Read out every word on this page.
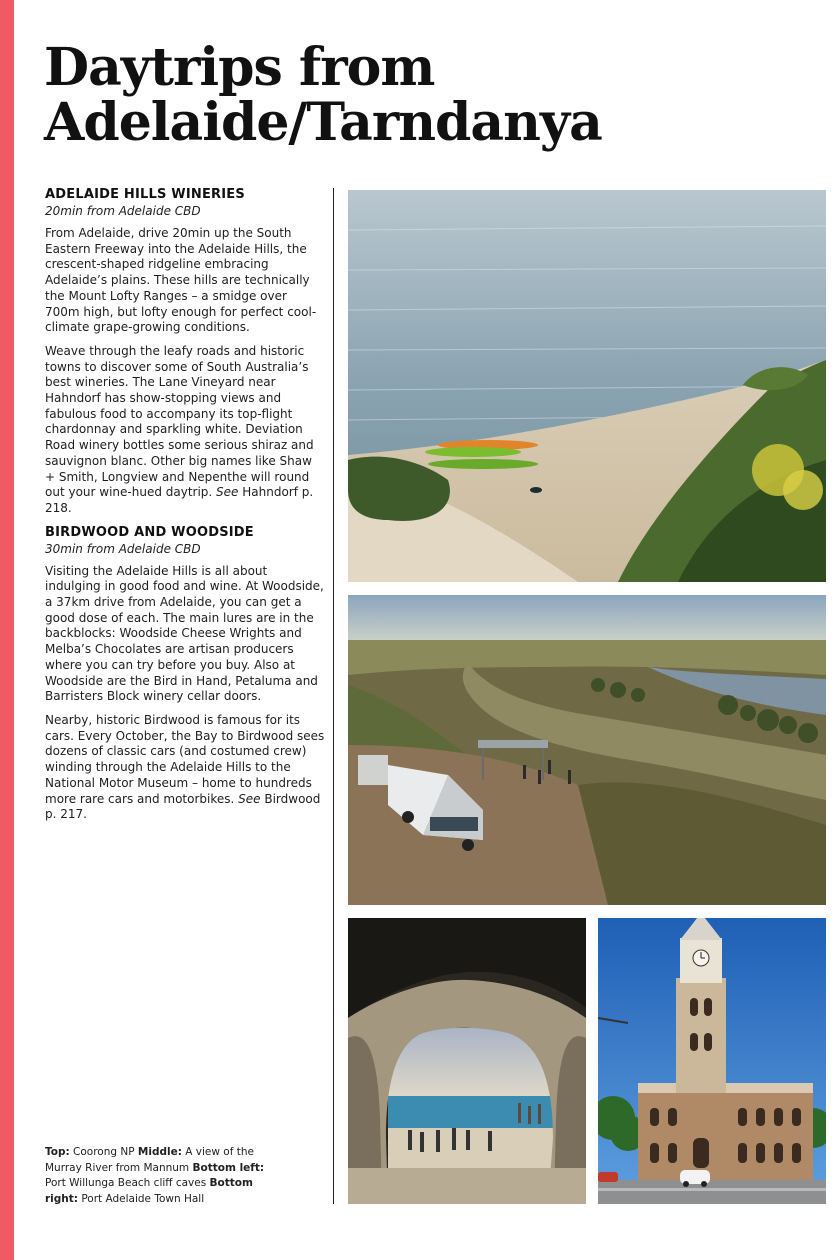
Daytrips from
Adelaide/Tarndanya
ADELAIDE HILLS WINERIES

20min from Adelaide CBD

From Adelaide, drive 20min up the South Eastern Freeway into the Adelaide Hills, the crescent-shaped ridgeline embracing Adelaide’s plains. These hills are technically the Mount Lofty Ranges – a smidge over 700m high, but lofty enough for perfect cool-climate grape-growing conditions.

Weave through the leafy roads and historic towns to discover some of South Australia’s best wineries. The Lane Vineyard near Hahndorf has show-stopping views and fabulous food to accompany its top-flight chardonnay and sparkling white. Deviation Road winery bottles some serious shiraz and sauvignon blanc. Other big names like Shaw + Smith, Longview and Nepenthe will round out your wine-hued daytrip. See Hahndorf p. 218.

BIRDWOOD AND WOODSIDE

30min from Adelaide CBD

Visiting the Adelaide Hills is all about indulging in good food and wine. At Woodside, a 37km drive from Adelaide, you can get a good dose of each. The main lures are in the backblocks: Woodside Cheese Wrights and Melba’s Chocolates are artisan producers where you can try before you buy. Also at Woodside are the Bird in Hand, Petaluma and Barristers Block winery cellar doors.

Nearby, historic Birdwood is famous for its cars. Every October, the Bay to Birdwood sees dozens of classic cars (and costumed crew) winding through the Adelaide Hills to the National Motor Museum – home to hundreds more rare cars and motorbikes. See Birdwood p. 217.

Top: Coorong NP Middle: A view of the Murray River from Mannum Bottom left: Port Willunga Beach cliff caves Bottom right: Port Adelaide Town Hall
